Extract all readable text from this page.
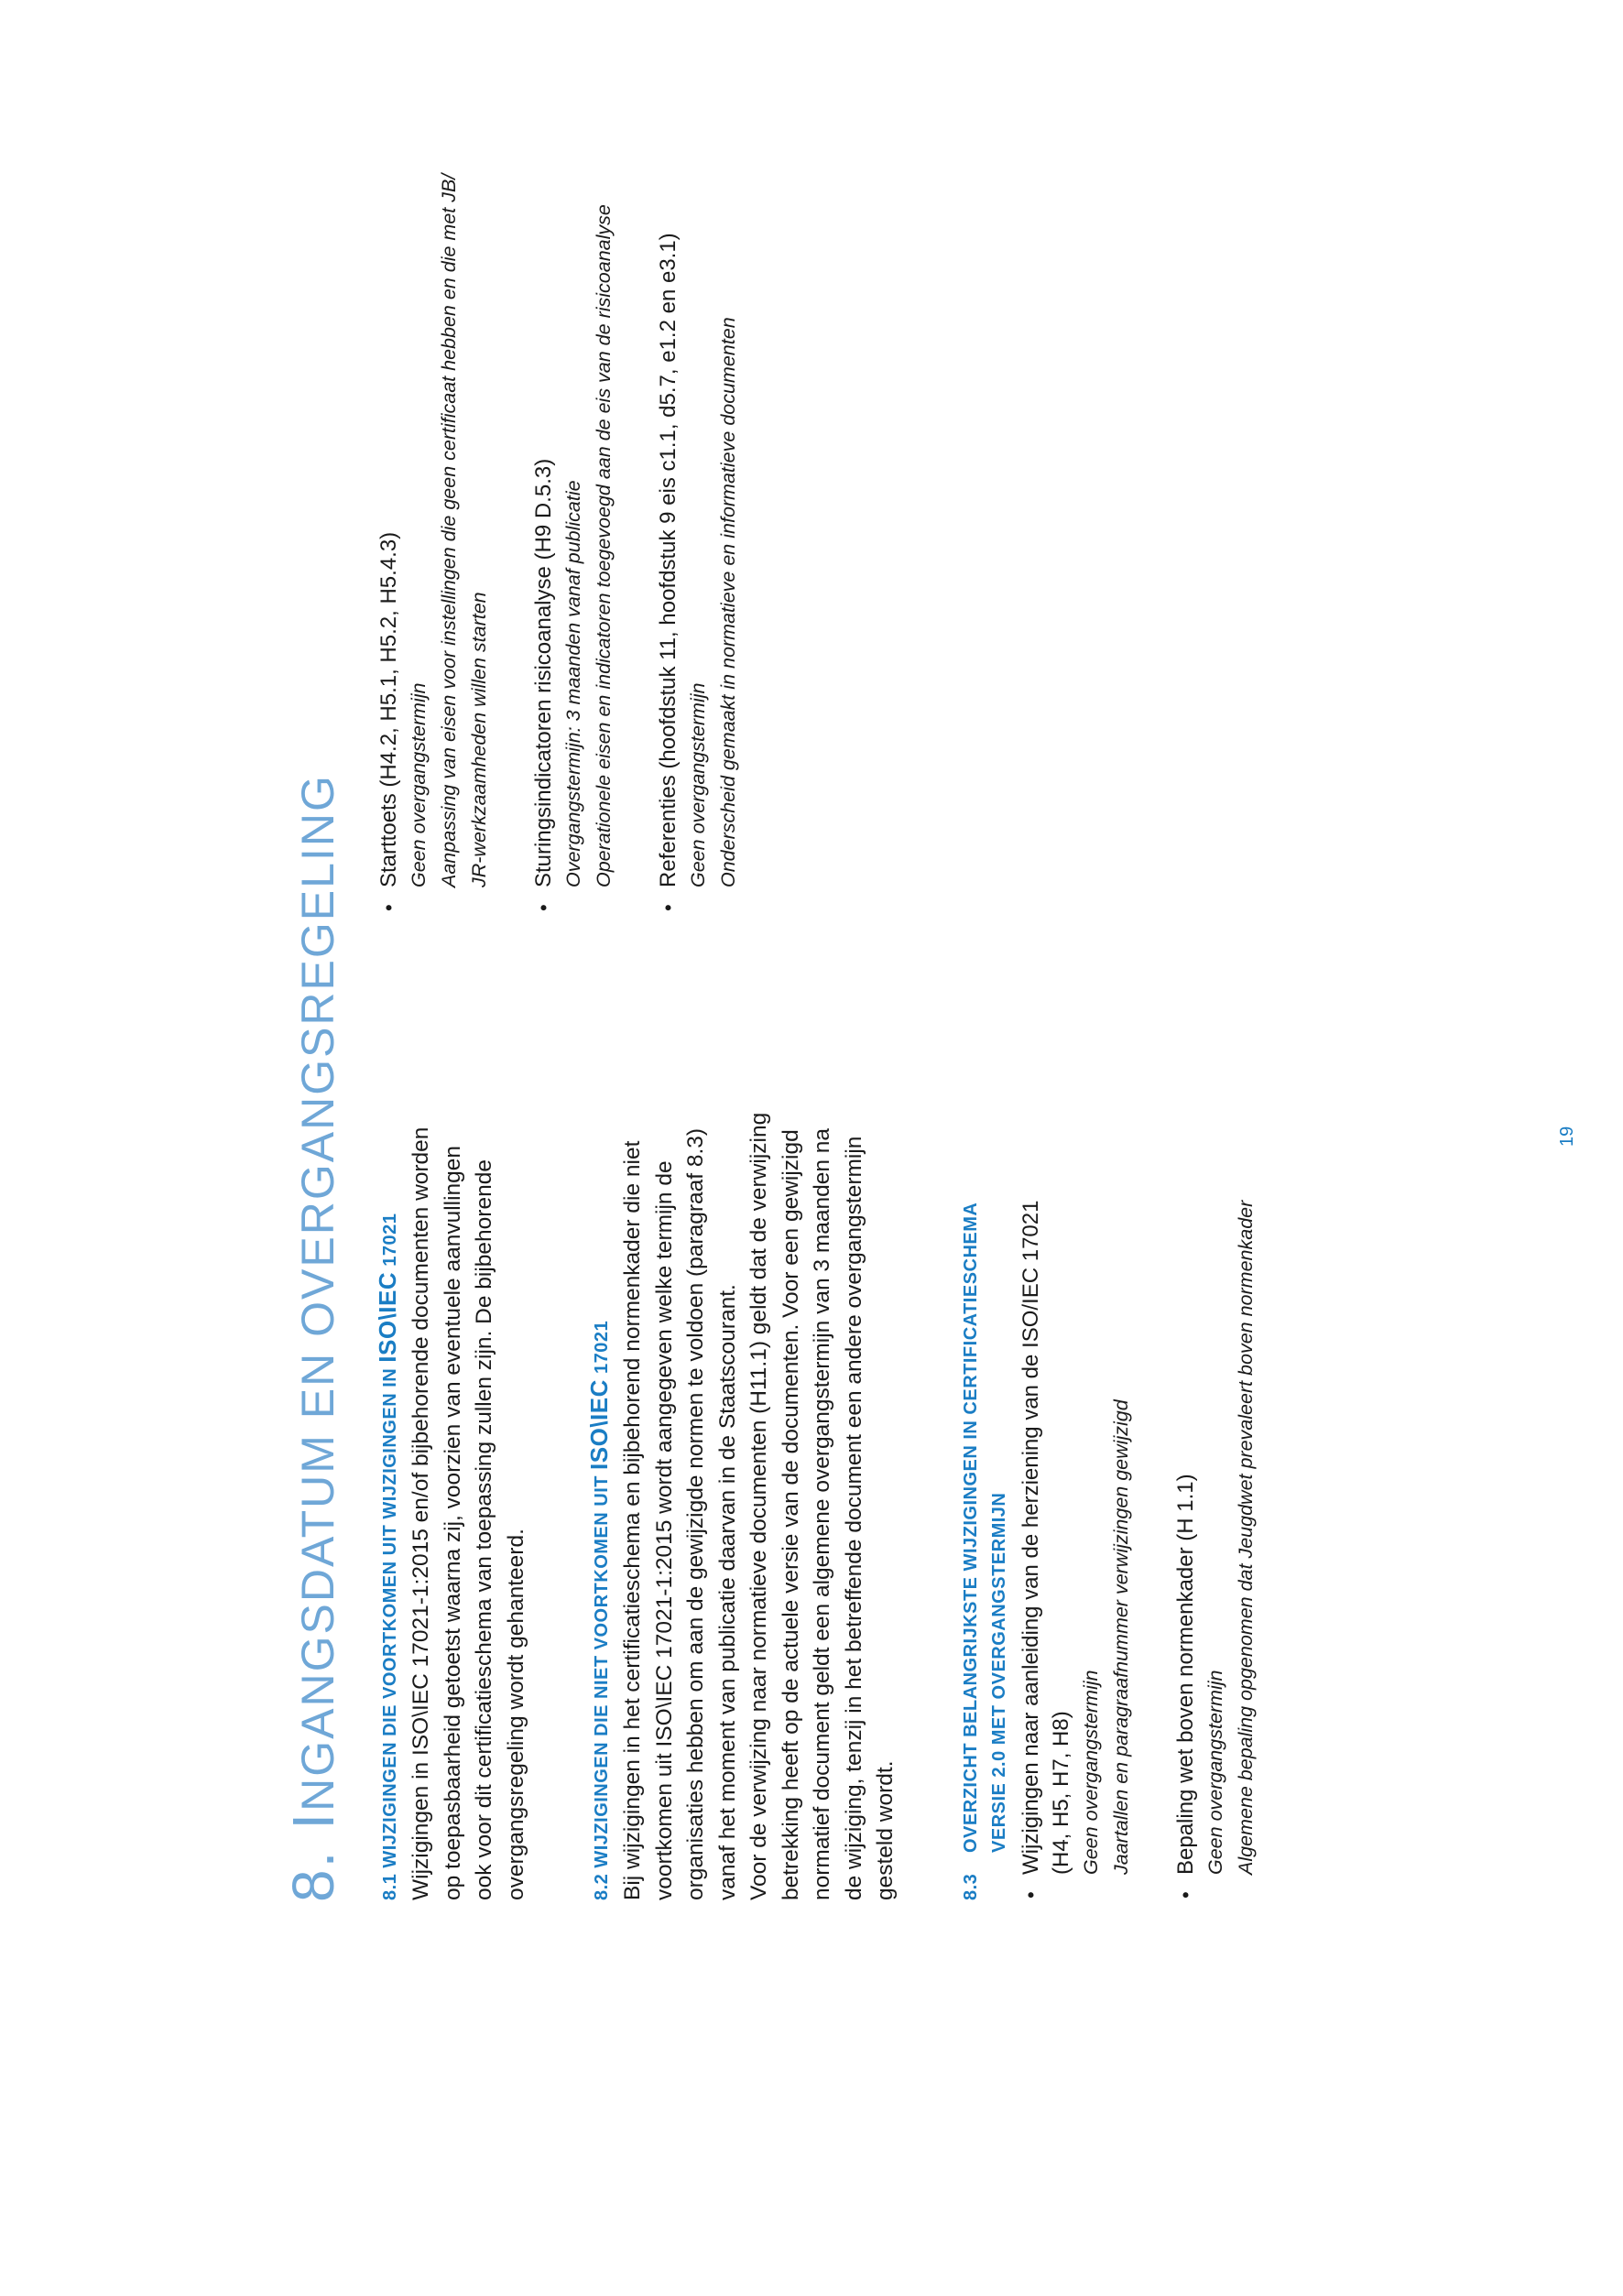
8.INGANGSDATUM EN OVERGANGSREGELING	8.1 WIJZIGINGEN DIE VOORTKOMEN UIT WIJZIGINGEN IN ISO\IEC 17021 Wijzigingen in ISO\IEC 17021-1:2015 en/of bijbehorende documenten worden op toepasbaarheid getoetst waarna zij, voorzien van eventuele aanvullingen ook voor dit certificatieschema van toepassing zullen zijn. De bijbehorende overgangsregeling wordt gehanteerd.	8.2 WIJZIGINGEN DIE NIET VOORTKOMEN UIT ISO\IEC 17021 Bij wijzigingen in het certificatieschema en bijbehorend normenkader die niet voortkomen uit ISO\IEC 17021-1:2015 wordt aangegeven welke termijn de organisaties hebben om aan de gewijzigde normen te voldoen (paragraaf 8.3) vanaf het moment van publicatie daarvan in de Staatscourant. Voor de verwijzing naar normatieve documenten (H11.1) geldt dat de verwijzing betrekking heeft op de actuele versie van de documenten. Voor een gewijzigd normatief document geldt een algemene overgangstermijn van 3 maanden na de wijziging, tenzij in het betreffende document een andere overgangstermijn gesteld wordt.	8.3
OVERZICHT BELANGRIJKSTE WIJZIGINGEN IN CERTIFICATIESCHEMA VERSIE 2.0 MET OVERGANGSTERMIJN • Wijzigingen naar aanleiding van de herziening van de ISO/IEC 17021 (H4, H5, H7, H8) Geen overgangstermijn Jaartallen en paragraafnummer verwijzingen gewijzigd • Bepaling wet boven normenkader (H 1.1) Geen overgangstermijn Algemene bepaling opgenomen dat Jeugdwet prevaleert boven normenkader

• Starttoets (H4.2, H5.1, H5.2, H5.4.3) Geen overgangstermijn Aanpassing van eisen voor instellingen die geen certificaat hebben en die met JB/ JR-werkzaamheden willen starten • Sturingsindicatoren risicoanalyse (H9 D.5.3) Overgangstermijn: 3 maanden vanaf publicatie Operationele eisen en indicatoren toegevoegd aan de eis van de risicoanalyse • Referenties (hoofdstuk 11, hoofdstuk 9 eis c1.1, d5.7, e1.2 en e3.1) Geen overgangstermijn Onderscheid gemaakt in normatieve en informatieve documenten

19
